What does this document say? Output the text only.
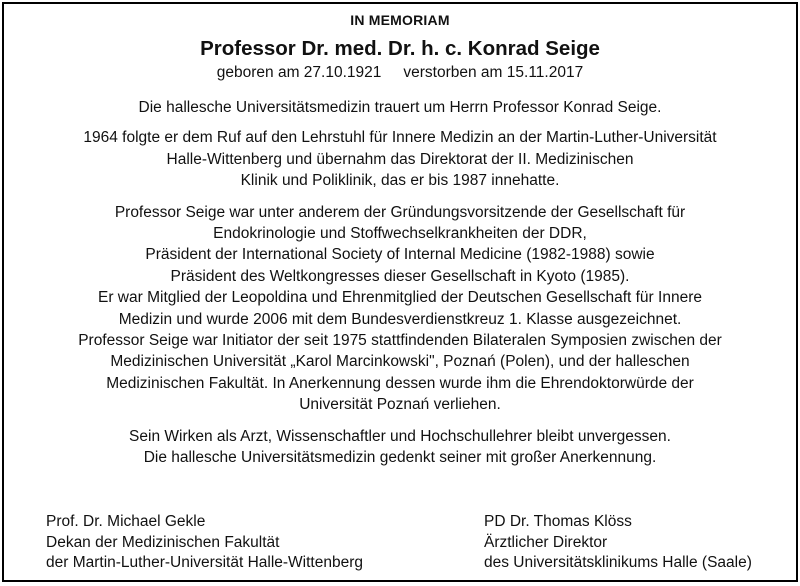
IN MEMORIAM
Professor Dr. med. Dr. h. c. Konrad Seige
geboren am 27.10.1921 verstorben am 15.11.2017
Die hallesche Universitätsmedizin trauert um Herrn Professor Konrad Seige.
1964 folgte er dem Ruf auf den Lehrstuhl für Innere Medizin an der Martin-Luther-Universität
Halle-Wittenberg und übernahm das Direktorat der II. Medizinischen
Klinik und Poliklinik, das er bis 1987 innehatte.
Professor Seige war unter anderem der Gründungsvorsitzende der Gesellschaft für
Endokrinologie und Stoffwechselkrankheiten der DDR,
Präsident der International Society of Internal Medicine (1982-1988) sowie
Präsident des Weltkongresses dieser Gesellschaft in Kyoto (1985).
Er war Mitglied der Leopoldina und Ehrenmitglied der Deutschen Gesellschaft für Innere
Medizin und wurde 2006 mit dem Bundesverdienstkreuz 1. Klasse ausgezeichnet.
Professor Seige war Initiator der seit 1975 stattfindenden Bilateralen Symposien zwischen der
Medizinischen Universität „Karol Marcinkowski", Poznań (Polen), und der halleschen
Medizinischen Fakultät. In Anerkennung dessen wurde ihm die Ehrendoktorwürde der
Universität Poznań verliehen.
Sein Wirken als Arzt, Wissenschaftler und Hochschullehrer bleibt unvergessen.
Die hallesche Universitätsmedizin gedenkt seiner mit großer Anerkennung.
Prof. Dr. Michael Gekle
Dekan der Medizinischen Fakultät
der Martin-Luther-Universität Halle-Wittenberg
PD Dr. Thomas Klöss
Ärztlicher Direktor
des Universitätsklinikums Halle (Saale)
